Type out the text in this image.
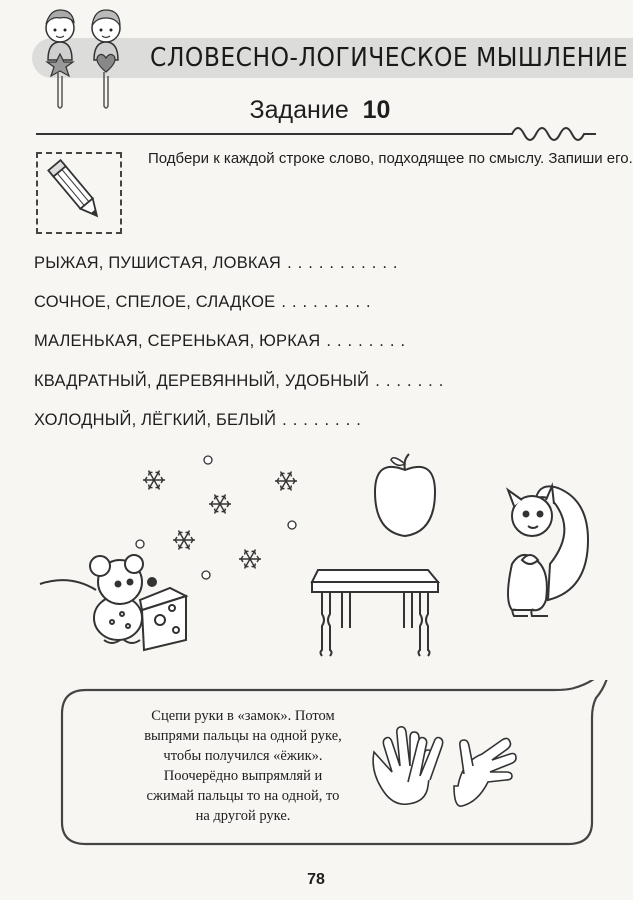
СЛОВЕСНО-ЛОГИЧЕСКОЕ МЫШЛЕНИЕ
Задание 10
Подбери к каждой строке слово, подходящее по смыслу. Запиши его.
РЫЖАЯ, ПУШИСТАЯ, ЛОВКАЯ ...........
СОЧНОЕ, СПЕЛОЕ, СЛАДКОЕ .........
МАЛЕНЬКАЯ, СЕРЕНЬКАЯ, ЮРКАЯ ........
КВАДРАТНЫЙ, ДЕРЕВЯННЫЙ, УДОБНЫЙ .......
ХОЛОДНЫЙ, ЛЁГКИЙ, БЕЛЫЙ ........
Сцепи руки в «замок». Потом
выпрями пальцы на одной руке,
чтобы получился «ёжик».
Поочерёдно выпрямляй и
сжимай пальцы то на одной, то
на другой руке.
78
